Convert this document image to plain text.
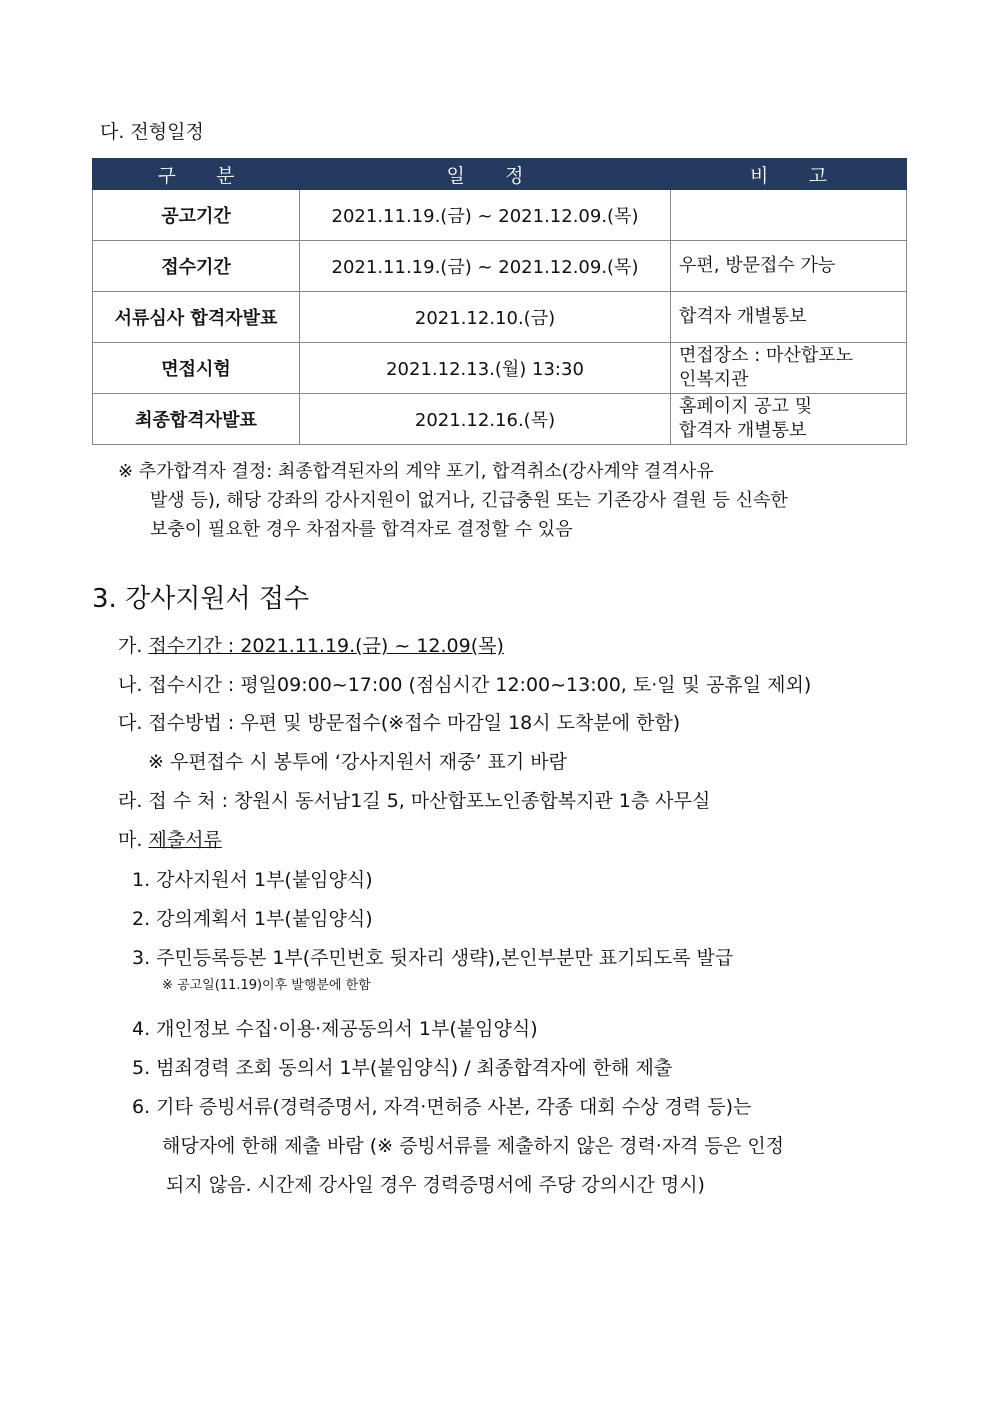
다. 전형일정
구 분	일 정	비 고
공고기간	2021.11.19.(금) ~ 2021.12.09.(목)	
접수기간	2021.11.19.(금) ~ 2021.12.09.(목)	우편, 방문접수 가능
서류심사 합격자발표	2021.12.10.(금)	합격자 개별통보
면접시험	2021.12.13.(월) 13:30	면접장소 : 마산합포노
인복지관
최종합격자발표	2021.12.16.(목)	홈페이지 공고 및
합격자 개별통보
※ 추가합격자 결정: 최종합격된자의 계약 포기, 합격취소(강사계약 결격사유
발생 등), 해당 강좌의 강사지원이 없거나, 긴급충원 또는 기존강사 결원 등 신속한
보충이 필요한 경우 차점자를 합격자로 결정할 수 있음
3. 강사지원서 접수
가. 접수기간 : 2021.11.19.(금) ~ 12.09(목)
나. 접수시간 : 평일09:00~17:00 (점심시간 12:00~13:00, 토·일 및 공휴일 제외)
다. 접수방법 : 우편 및 방문접수(※접수 마감일 18시 도착분에 한함)
※ 우편접수 시 봉투에 ‘강사지원서 재중’ 표기 바람
라. 접 수 처 : 창원시 동서남1길 5, 마산합포노인종합복지관 1층 사무실
마. 제출서류
1. 강사지원서 1부(붙임양식)
2. 강의계획서 1부(붙임양식)
3. 주민등록등본 1부(주민번호 뒷자리 생략),본인부분만 표기되도록 발급
※ 공고일(11.19)이후 발행분에 한함
4. 개인정보 수집·이용·제공동의서 1부(붙임양식)
5. 범죄경력 조회 동의서 1부(붙임양식) / 최종합격자에 한해 제출
6. 기타 증빙서류(경력증명서, 자격·면허증 사본, 각종 대회 수상 경력 등)는
해당자에 한해 제출 바람 (※ 증빙서류를 제출하지 않은 경력·자격 등은 인정
되지 않음. 시간제 강사일 경우 경력증명서에 주당 강의시간 명시)
